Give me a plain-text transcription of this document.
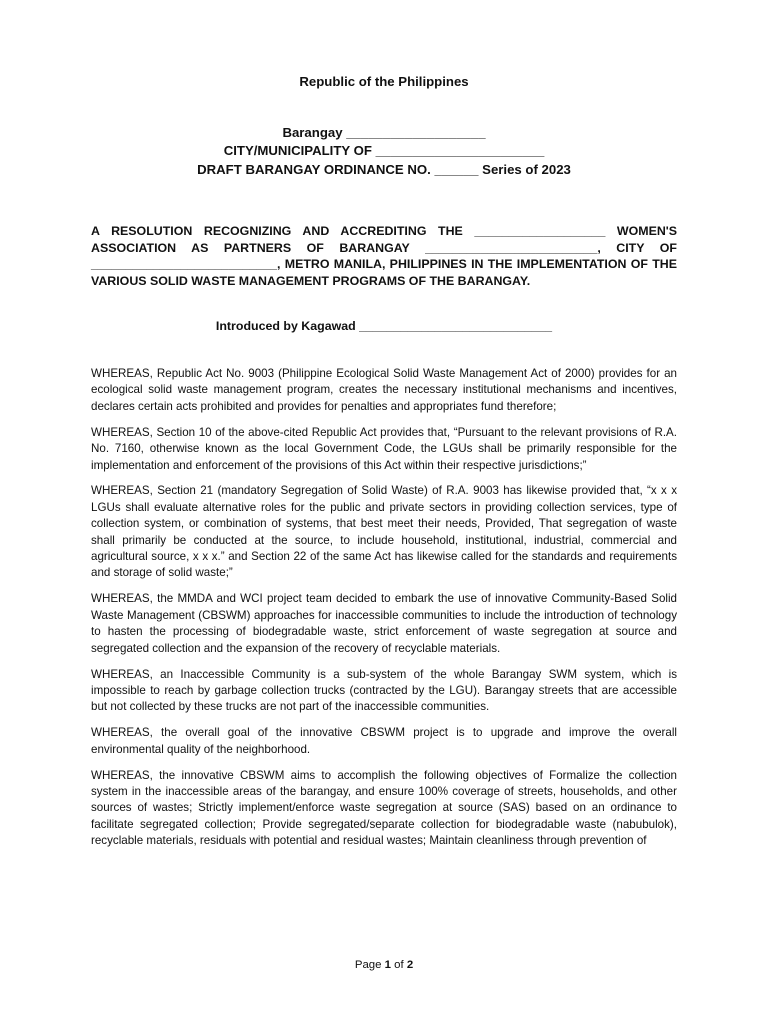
Republic of the Philippines
Barangay ___________________
CITY/MUNICIPALITY OF _______________________
DRAFT BARANGAY ORDINANCE NO. ______ Series of 2023
A RESOLUTION RECOGNIZING AND ACCREDITING THE ___________________ WOMEN'S ASSOCIATION AS PARTNERS OF BARANGAY _________________________, CITY OF ___________________________, METRO MANILA, PHILIPPINES IN THE IMPLEMENTATION OF THE VARIOUS SOLID WASTE MANAGEMENT PROGRAMS OF THE BARANGAY.
Introduced by Kagawad ____________________________

WHEREAS, Republic Act No. 9003 (Philippine Ecological Solid Waste Management Act of 2000) provides for an ecological solid waste management program, creates the necessary institutional mechanisms and incentives, declares certain acts prohibited and provides for penalties and appropriates fund therefore;

WHEREAS, Section 10 of the above-cited Republic Act provides that, “Pursuant to the relevant provisions of R.A. No. 7160, otherwise known as the local Government Code, the LGUs shall be primarily responsible for the implementation and enforcement of the provisions of this Act within their respective jurisdictions;”

WHEREAS, Section 21 (mandatory Segregation of Solid Waste) of R.A. 9003 has likewise provided that, “x x x LGUs shall evaluate alternative roles for the public and private sectors in providing collection services, type of collection system, or combination of systems, that best meet their needs, Provided, That segregation of waste shall primarily be conducted at the source, to include household, institutional, industrial, commercial and agricultural source, x x x.” and Section 22 of the same Act has likewise called for the standards and requirements and storage of solid waste;”

WHEREAS, the MMDA and WCI project team decided to embark the use of innovative Community-Based Solid Waste Management (CBSWM) approaches for inaccessible communities to include the introduction of technology to hasten the processing of biodegradable waste, strict enforcement of waste segregation at source and segregated collection and the expansion of the recovery of recyclable materials.

WHEREAS, an Inaccessible Community is a sub-system of the whole Barangay SWM system, which is impossible to reach by garbage collection trucks (contracted by the LGU). Barangay streets that are accessible but not collected by these trucks are not part of the inaccessible communities.

WHEREAS, the overall goal of the innovative CBSWM project is to upgrade and improve the overall environmental quality of the neighborhood.

WHEREAS, the innovative CBSWM aims to accomplish the following objectives of Formalize the collection system in the inaccessible areas of the barangay, and ensure 100% coverage of streets, households, and other sources of wastes; Strictly implement/enforce waste segregation at source (SAS) based on an ordinance to facilitate segregated collection; Provide segregated/separate collection for biodegradable waste (nabubulok), recyclable materials, residuals with potential and residual wastes; Maintain cleanliness through prevention of

Page 1 of 2
